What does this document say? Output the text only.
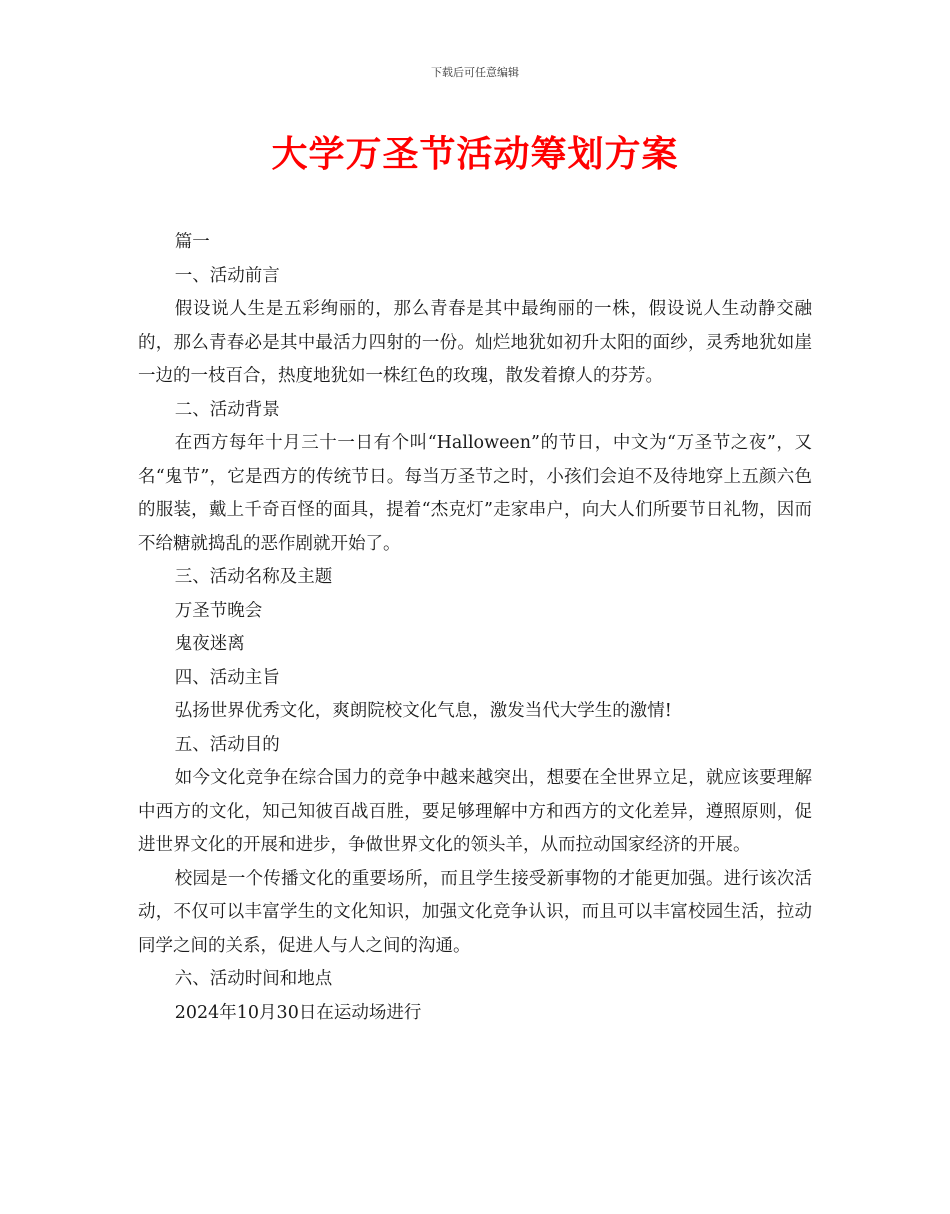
下载后可任意编辑
大学万圣节活动筹划方案

篇一

一、活动前言

假设说人生是五彩绚丽的，那么青春是其中最绚丽的一株，假设说人生动静交融的，那么青春必是其中最活力四射的一份。灿烂地犹如初升太阳的面纱，灵秀地犹如崖一边的一枝百合，热度地犹如一株红色的玫瑰，散发着撩人的芬芳。

二、活动背景

在西方每年十月三十一日有个叫“Halloween”的节日，中文为“万圣节之夜”，又名“鬼节”，它是西方的传统节日。每当万圣节之时，小孩们会迫不及待地穿上五颜六色的服装，戴上千奇百怪的面具，提着“杰克灯”走家串户，向大人们所要节日礼物，因而不给糖就捣乱的恶作剧就开始了。

三、活动名称及主题

万圣节晚会

鬼夜迷离

四、活动主旨

弘扬世界优秀文化，爽朗院校文化气息，激发当代大学生的激情!

五、活动目的

如今文化竞争在综合国力的竞争中越来越突出，想要在全世界立足，就应该要理解中西方的文化，知己知彼百战百胜，要足够理解中方和西方的文化差异，遵照原则，促进世界文化的开展和进步，争做世界文化的领头羊，从而拉动国家经济的开展。

校园是一个传播文化的重要场所，而且学生接受新事物的才能更加强。进行该次活动，不仅可以丰富学生的文化知识，加强文化竞争认识，而且可以丰富校园生活，拉动同学之间的关系，促进人与人之间的沟通。

六、活动时间和地点

2024年10月30日在运动场进行
